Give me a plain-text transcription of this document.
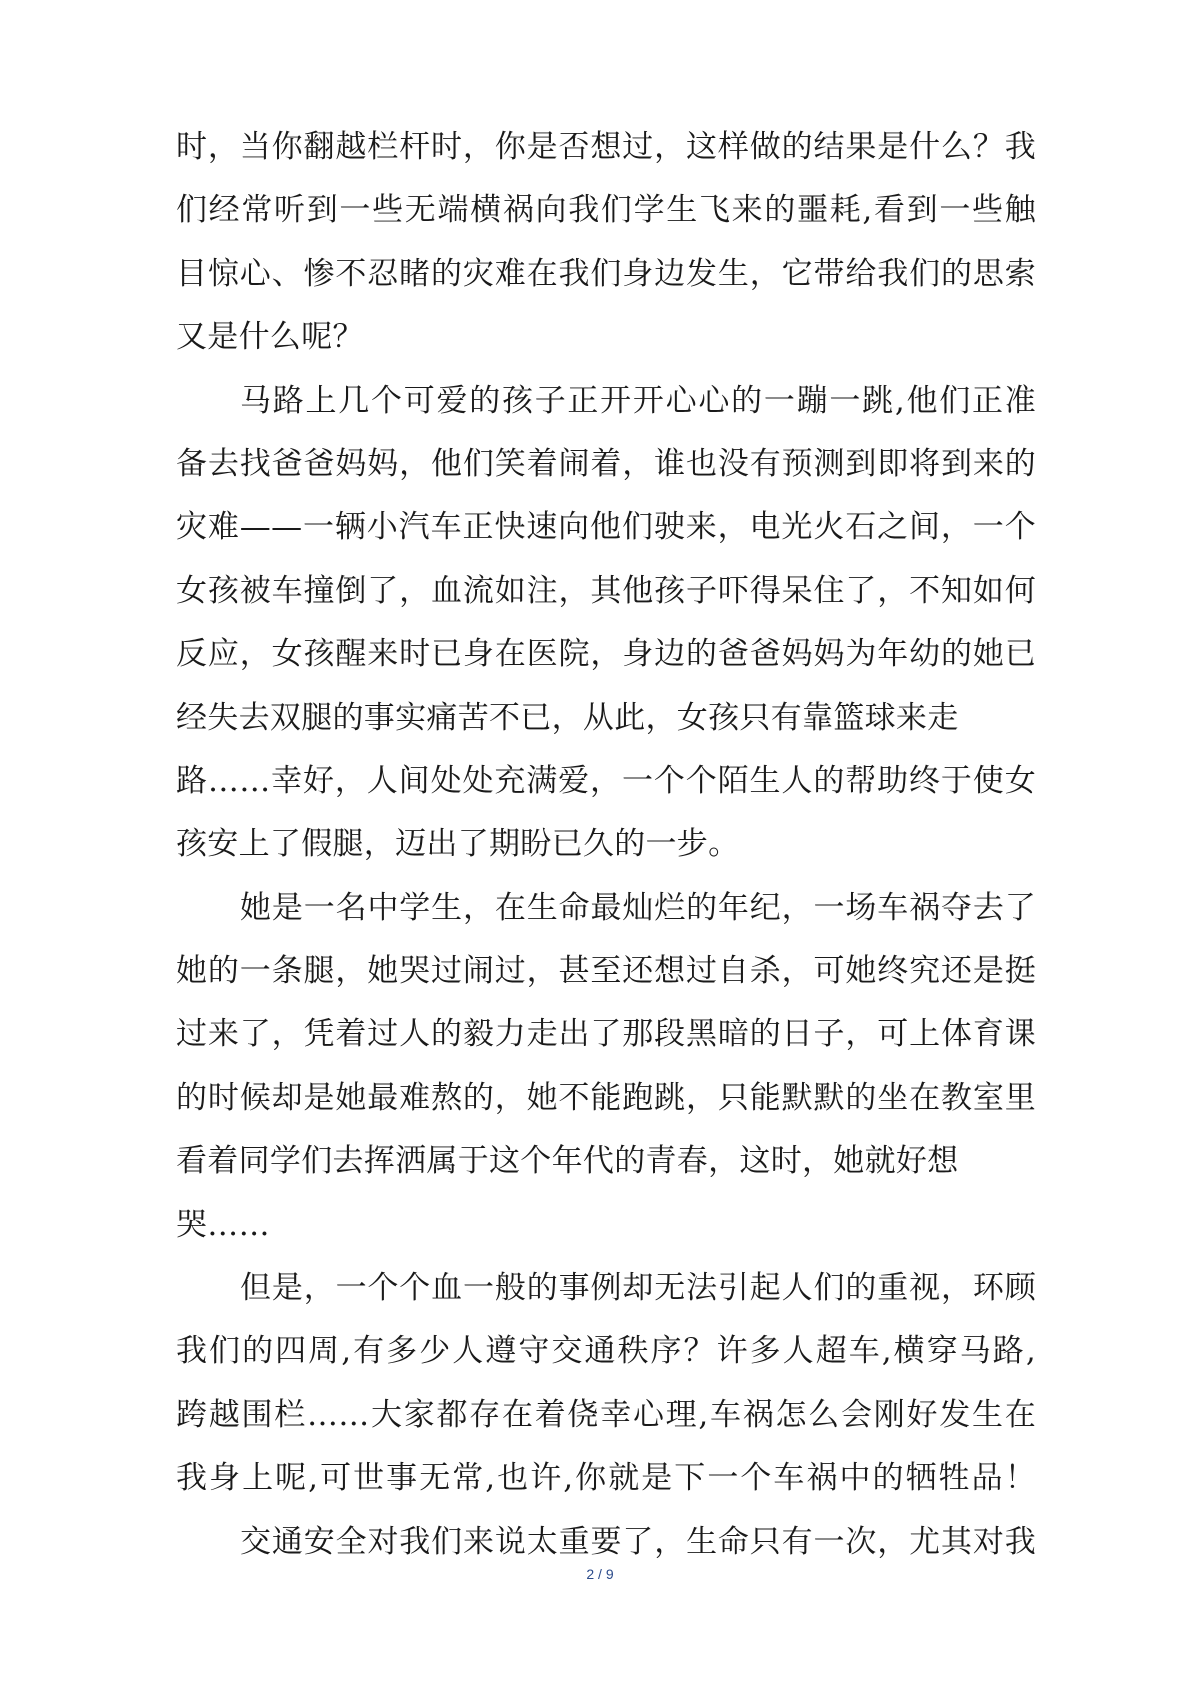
时，当你翻越栏杆时，你是否想过，这样做的结果是什么？我
们经常听到一些无端横祸向我们学生飞来的噩耗,看到一些触
目惊心、惨不忍睹的灾难在我们身边发生，它带给我们的思索
又是什么呢？
马路上几个可爱的孩子正开开心心的一蹦一跳,他们正准
备去找爸爸妈妈，他们笑着闹着，谁也没有预测到即将到来的
灾难——一辆小汽车正快速向他们驶来，电光火石之间，一个
女孩被车撞倒了，血流如注，其他孩子吓得呆住了，不知如何
反应，女孩醒来时已身在医院，身边的爸爸妈妈为年幼的她已
经失去双腿的事实痛苦不已，从此，女孩只有靠篮球来走
路……幸好，人间处处充满爱，一个个陌生人的帮助终于使女
孩安上了假腿，迈出了期盼已久的一步。
她是一名中学生，在生命最灿烂的年纪，一场车祸夺去了
她的一条腿，她哭过闹过，甚至还想过自杀，可她终究还是挺
过来了，凭着过人的毅力走出了那段黑暗的日子，可上体育课
的时候却是她最难熬的，她不能跑跳，只能默默的坐在教室里
看着同学们去挥洒属于这个年代的青春，这时，她就好想
哭……
但是，一个个血一般的事例却无法引起人们的重视，环顾
我们的四周,有多少人遵守交通秩序？许多人超车,横穿马路,
跨越围栏……大家都存在着侥幸心理,车祸怎么会刚好发生在
我身上呢,可世事无常,也许,你就是下一个车祸中的牺牲品！
交通安全对我们来说太重要了，生命只有一次，尤其对我
2 / 9
